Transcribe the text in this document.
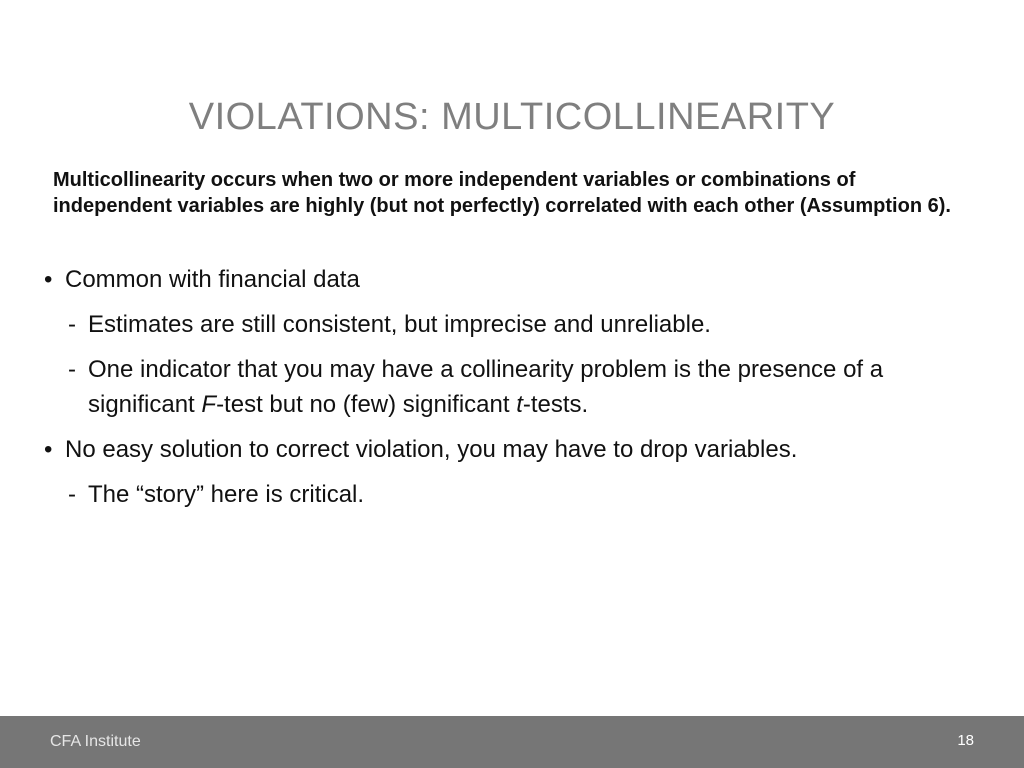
VIOLATIONS: MULTICOLLINEARITY

Multicollinearity occurs when two or more independent variables or combinations of independent variables are highly (but not perfectly) correlated with each other (Assumption 6).

• Common with financial data
- Estimates are still consistent, but imprecise and unreliable.
- One indicator that you may have a collinearity problem is the presence of a significant F-test but no (few) significant t-tests.
• No easy solution to correct violation, you may have to drop variables.
- The “story” here is critical.
CFA Institute	18
